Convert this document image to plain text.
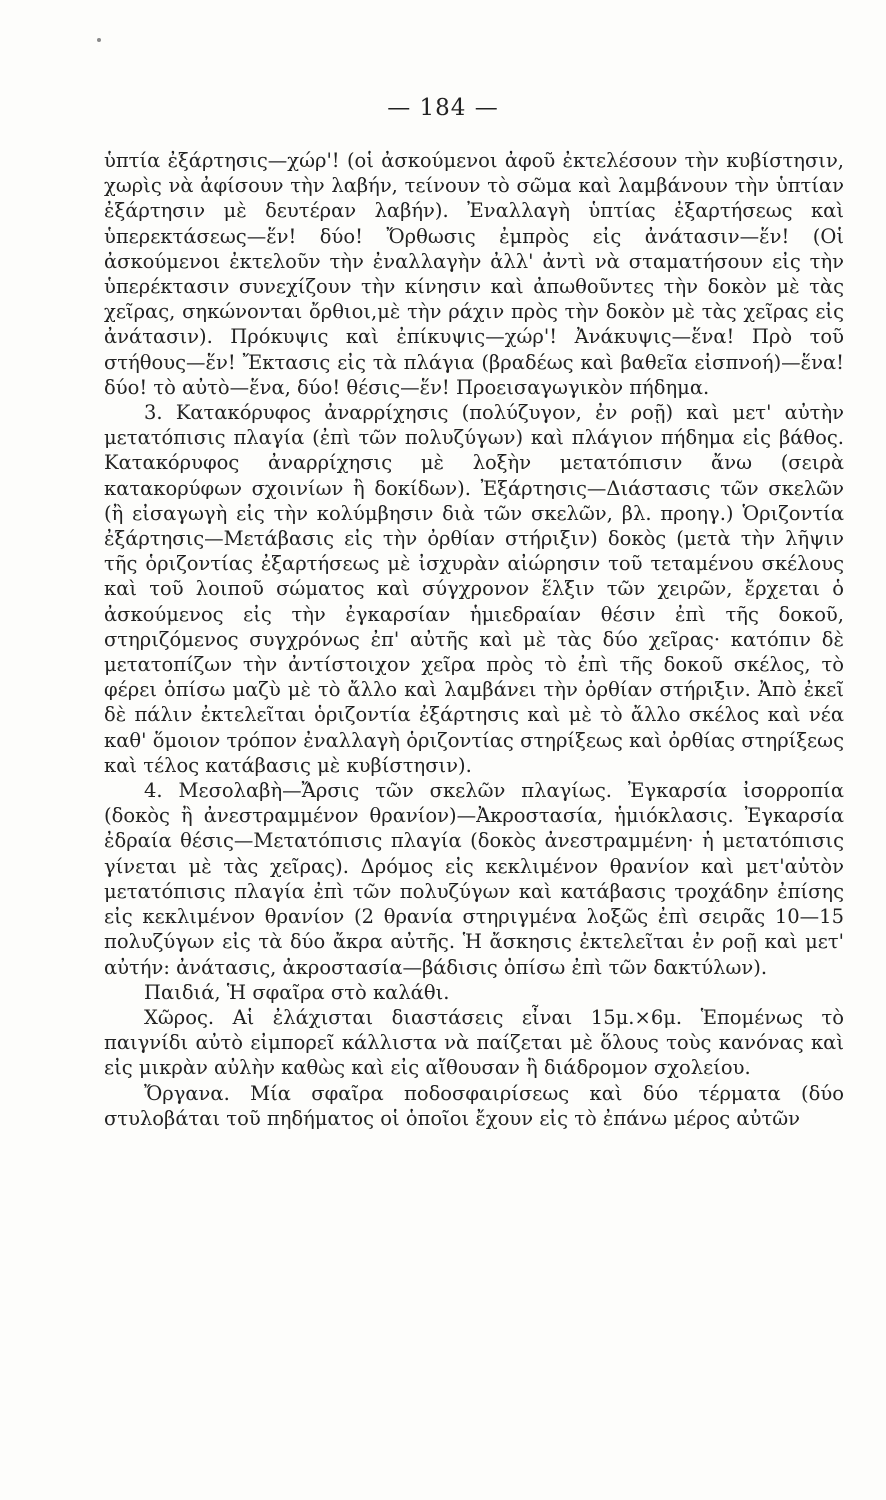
— 184 —

ὑπτία ἐξάρτησις—χώρ'! (οἱ ἀσκούμενοι ἀφοῦ ἐκτελέσουν τὴν κυβίστησιν, χωρὶς νὰ ἀφίσουν τὴν λαβήν, τείνουν τὸ σῶμα καὶ λαμβάνουν τὴν ὑπτίαν ἐξάρτησιν μὲ δευτέραν λαβήν). Ἐναλλαγὴ ὑπτίας ἐξαρτήσεως καὶ ὑπερεκτάσεως—ἕν! δύο! Ὄρθωσις ἐμπρὸς εἰς ἀνάτασιν—ἕν! (Οἱ ἀσκούμενοι ἐκτελοῦν τὴν ἐναλλαγὴν ἀλλ' ἀντὶ νὰ σταματήσουν εἰς τὴν ὑπερέκτασιν συνεχίζουν τὴν κίνησιν καὶ ἀπωθοῦντες τὴν δοκὸν μὲ τὰς χεῖρας, σηκώνονται ὄρθιοι,μὲ τὴν ράχιν πρὸς τὴν δοκὸν μὲ τὰς χεῖρας εἰς ἀνάτασιν). Πρόκυψις καὶ ἐπίκυψις—χώρ'! Ἀνάκυψις—ἕνα! Πρὸ τοῦ στήθους—ἕν! Ἔκτασις εἰς τὰ πλάγια (βραδέως καὶ βαθεῖα εἰσπνοή)—ἕνα! δύο! τὸ αὐτὸ—ἕνα, δύο! θέσις—ἕν! Προεισαγωγικὸν πήδημα.

3. Κατακόρυφος ἀναρρίχησις (πολύζυγον, ἐν ροῇ) καὶ μετ' αὐτὴν μετατόπισις πλαγία (ἐπὶ τῶν πολυζύγων) καὶ πλάγιον πήδημα εἰς βάθος. Κατακόρυφος ἀναρρίχησις μὲ λοξὴν μετατόπισιν ἄνω (σειρὰ κατακορύφων σχοινίων ἢ δοκίδων). Ἐξάρτησις—Διάστασις τῶν σκελῶν (ἢ εἰσαγωγὴ εἰς τὴν κολύμβησιν διὰ τῶν σκελῶν, βλ. προηγ.) Ὁριζοντία ἐξάρτησις—Μετάβασις εἰς τὴν ὀρθίαν στήριξιν) δοκὸς (μετὰ τὴν λῆψιν τῆς ὁριζοντίας ἐξαρτήσεως μὲ ἰσχυρὰν αἰώρησιν τοῦ τεταμένου σκέλους καὶ τοῦ λοιποῦ σώματος καὶ σύγχρονον ἕλξιν τῶν χειρῶν, ἔρχεται ὁ ἀσκούμενος εἰς τὴν ἐγκαρσίαν ἡμιεδραίαν θέσιν ἐπὶ τῆς δοκοῦ, στηριζόμενος συγχρόνως ἐπ' αὐτῆς καὶ μὲ τὰς δύο χεῖρας· κατόπιν δὲ μετατοπίζων τὴν ἀντίστοιχον χεῖρα πρὸς τὸ ἐπὶ τῆς δοκοῦ σκέλος, τὸ φέρει ὀπίσω μαζὺ μὲ τὸ ἄλλο καὶ λαμβάνει τὴν ὀρθίαν στήριξιν. Ἀπὸ ἐκεῖ δὲ πάλιν ἐκτελεῖται ὁριζοντία ἐξάρτησις καὶ μὲ τὸ ἄλλο σκέλος καὶ νέα καθ' ὅμοιον τρόπον ἐναλλαγὴ ὁριζοντίας στηρίξεως καὶ ὀρθίας στηρίξεως καὶ τέλος κατάβασις μὲ κυβίστησιν).

4. Μεσολαβὴ—Ἄρσις τῶν σκελῶν πλαγίως. Ἐγκαρσία ἰσορροπία (δοκὸς ἢ ἀνεστραμμένον θρανίον)—Ἀκροστασία, ἡμιόκλασις. Ἐγκαρσία ἐδραία θέσις—Μετατόπισις πλαγία (δοκὸς ἀνεστραμμένη· ἡ μετατόπισις γίνεται μὲ τὰς χεῖρας). Δρόμος εἰς κεκλιμένον θρανίον καὶ μετ'αὐτὸν μετατόπισις πλαγία ἐπὶ τῶν πολυζύγων καὶ κατάβασις τροχάδην ἐπίσης εἰς κεκλιμένον θρανίον (2 θρανία στηριγμένα λοξῶς ἐπὶ σειρᾶς 10—15 πολυζύγων εἰς τὰ δύο ἄκρα αὐτῆς. Ἡ ἄσκησις ἐκτελεῖται ἐν ροῇ καὶ μετ' αὐτήν: ἀνάτασις, ἀκροστασία—βάδισις ὀπίσω ἐπὶ τῶν δακτύλων).

Παιδιά, Ἡ σφαῖρα στὸ καλάθι.

Χῶρος. Αἱ ἐλάχισται διαστάσεις εἶναι 15μ.×6μ. Ἑπομένως τὸ παιγνίδι αὐτὸ εἰμπορεῖ κάλλιστα νὰ παίζεται μὲ ὅλους τοὺς κανόνας καὶ εἰς μικρὰν αὐλὴν καθὼς καὶ εἰς αἴθουσαν ἢ διάδρομον σχολείου.

Ὄργανα. Μία σφαῖρα ποδοσφαιρίσεως καὶ δύο τέρματα (δύο στυλοβάται τοῦ πηδήματος οἱ ὁποῖοι ἔχουν εἰς τὸ ἐπάνω μέρος αὐτῶν
